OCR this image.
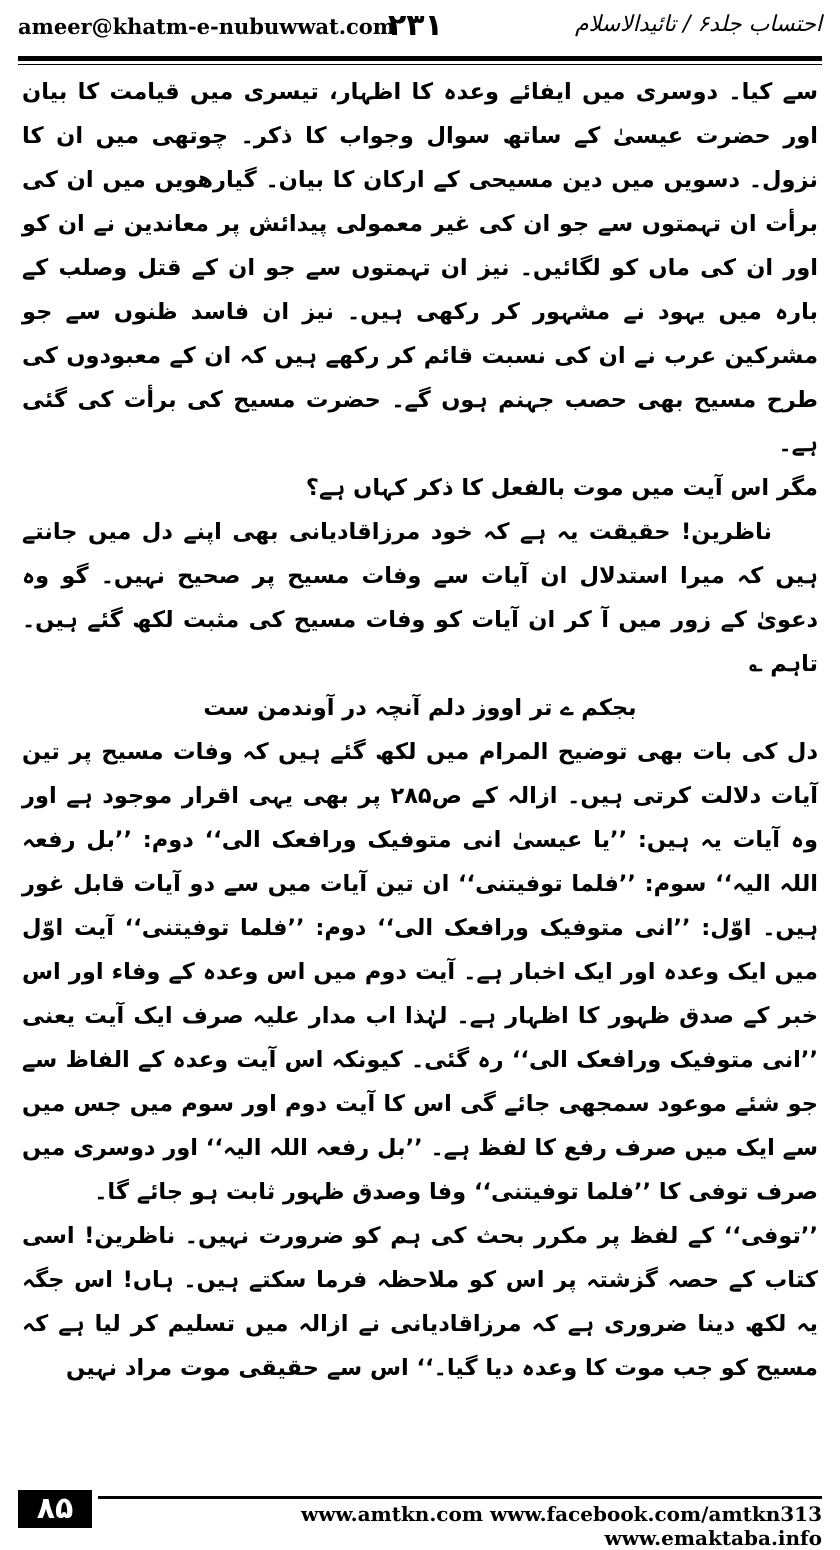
ameer@khatm-e-nubuwwat.com
۲۳۱	احتساب جلد۶ / تائیدالاسلام

سے کیا۔ دوسری میں ایفائے وعدہ کا اظہار، تیسری میں قیامت کا بیان اور حضرت عیسیٰ کے ساتھ سوال وجواب کا ذکر۔ چوتھی میں ان کا نزول۔ دسویں میں دین مسیحی کے ارکان کا بیان۔ گیارھویں میں ان کی برأت ان تہمتوں سے جو ان کی غیر معمولی پیدائش پر معاندین نے ان کو اور ان کی ماں کو لگائیں۔ نیز ان تہمتوں سے جو ان کے قتل وصلب کے بارہ میں یہود نے مشہور کر رکھی ہیں۔ نیز ان فاسد ظنوں سے جو مشرکین عرب نے ان کی نسبت قائم کر رکھے ہیں کہ ان کے معبودوں کی طرح مسیح بھی حصب جہنم ہوں گے۔ حضرت مسیح کی برأت کی گئی ہے۔

مگر اس آیت میں موت بالفعل کا ذکر کہاں ہے؟

ناظرین! حقیقت یہ ہے کہ خود مرزاقادیانی بھی اپنے دل میں جانتے ہیں کہ میرا استدلال ان آیات سے وفات مسیح پر صحیح نہیں۔ گو وہ دعویٰ کے زور میں آ کر ان آیات کو وفات مسیح کی مثبت لکھ گئے ہیں۔ تاہم ؎

بجکم ے تر اووز دلم آنچہ در آوندمن ست

دل کی بات بھی توضیح المرام میں لکھ گئے ہیں کہ وفات مسیح پر تین آیات دلالت کرتی ہیں۔ ازالہ کے ص۲۸۵ پر بھی یہی اقرار موجود ہے اور وہ آیات یہ ہیں: ’’یا عیسیٰ انی متوفیک ورافعک الی‘‘ دوم: ’’بل رفعہ اللہ الیہ‘‘ سوم: ’’فلما توفیتنی‘‘ ان تین آیات میں سے دو آیات قابل غور ہیں۔ اوّل: ’’انی متوفیک ورافعک الی‘‘ دوم: ’’فلما توفیتنی‘‘ آیت اوّل میں ایک وعدہ اور ایک اخبار ہے۔ آیت دوم میں اس وعدہ کے وفاء اور اس خبر کے صدق ظہور کا اظہار ہے۔ لہٰذا اب مدار علیہ صرف ایک آیت یعنی ’’انی متوفیک ورافعک الی‘‘ رہ گئی۔ کیونکہ اس آیت وعدہ کے الفاظ سے جو شئے موعود سمجھی جائے گی اس کا آیت دوم اور سوم میں جس میں سے ایک میں صرف رفع کا لفظ ہے۔ ’’بل رفعہ اللہ الیہ‘‘ اور دوسری میں صرف توفی کا ’’فلما توفیتنی‘‘ وفا وصدق ظہور ثابت ہو جائے گا۔

’’توفی‘‘ کے لفظ پر مکرر بحث کی ہم کو ضرورت نہیں۔ ناظرین! اسی کتاب کے حصہ گزشتہ پر اس کو ملاحظہ فرما سکتے ہیں۔ ہاں! اس جگہ یہ لکھ دینا ضروری ہے کہ مرزاقادیانی نے ازالہ میں تسلیم کر لیا ہے کہ مسیح کو جب موت کا وعدہ دیا گیا۔‘‘ اس سے حقیقی موت مراد نہیں

۸۵	www.amtkn.com www.facebook.com/amtkn313 www.emaktaba.info
